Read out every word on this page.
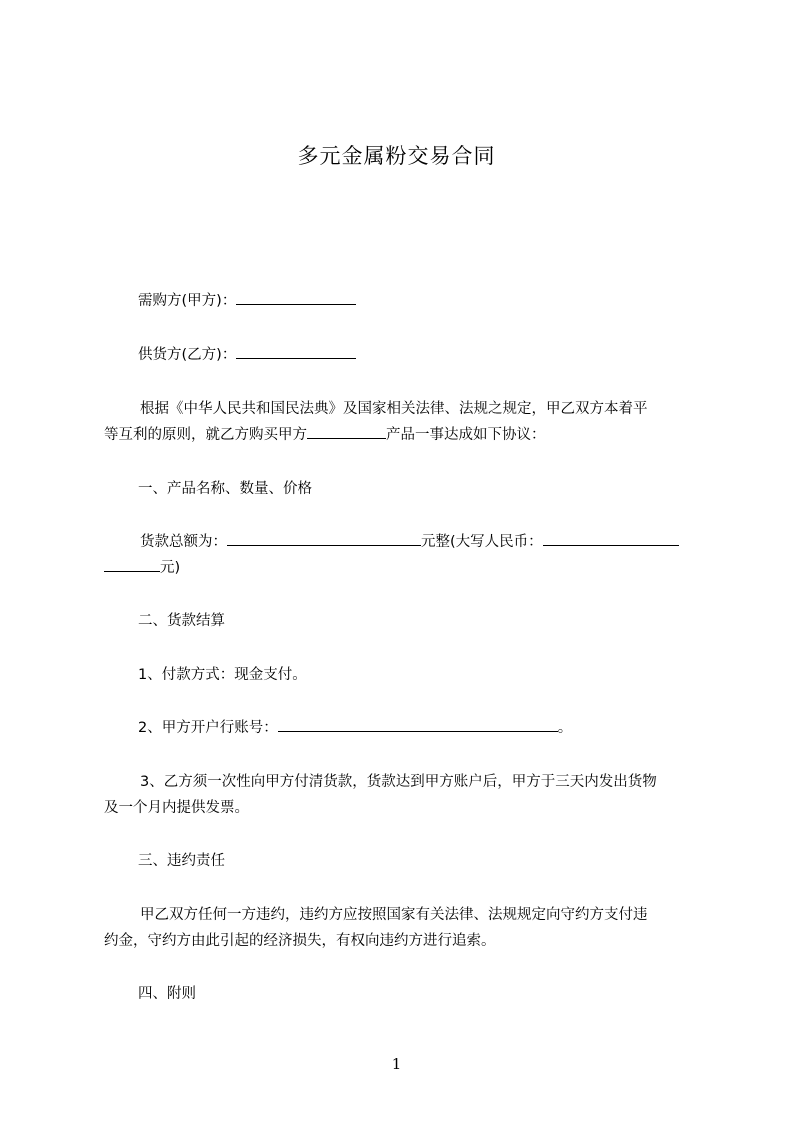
多元金属粉交易合同
需购方(甲方)：
供货方(乙方)：
根据《中华人民共和国民法典》及国家相关法律、法规之规定，甲乙双方本着平
等互利的原则，就乙方购买甲方	产品一事达成如下协议：
一、产品名称、数量、价格
货款总额为：	元整(大写人民币：
元)
二、货款结算
1、付款方式：现金支付。
2、甲方开户行账号：	。
3、乙方须一次性向甲方付清货款，货款达到甲方账户后，甲方于三天内发出货物
及一个月内提供发票。
三、违约责任
甲乙双方任何一方违约，违约方应按照国家有关法律、法规规定向守约方支付违
约金，守约方由此引起的经济损失，有权向违约方进行追索。
四、附则
1
